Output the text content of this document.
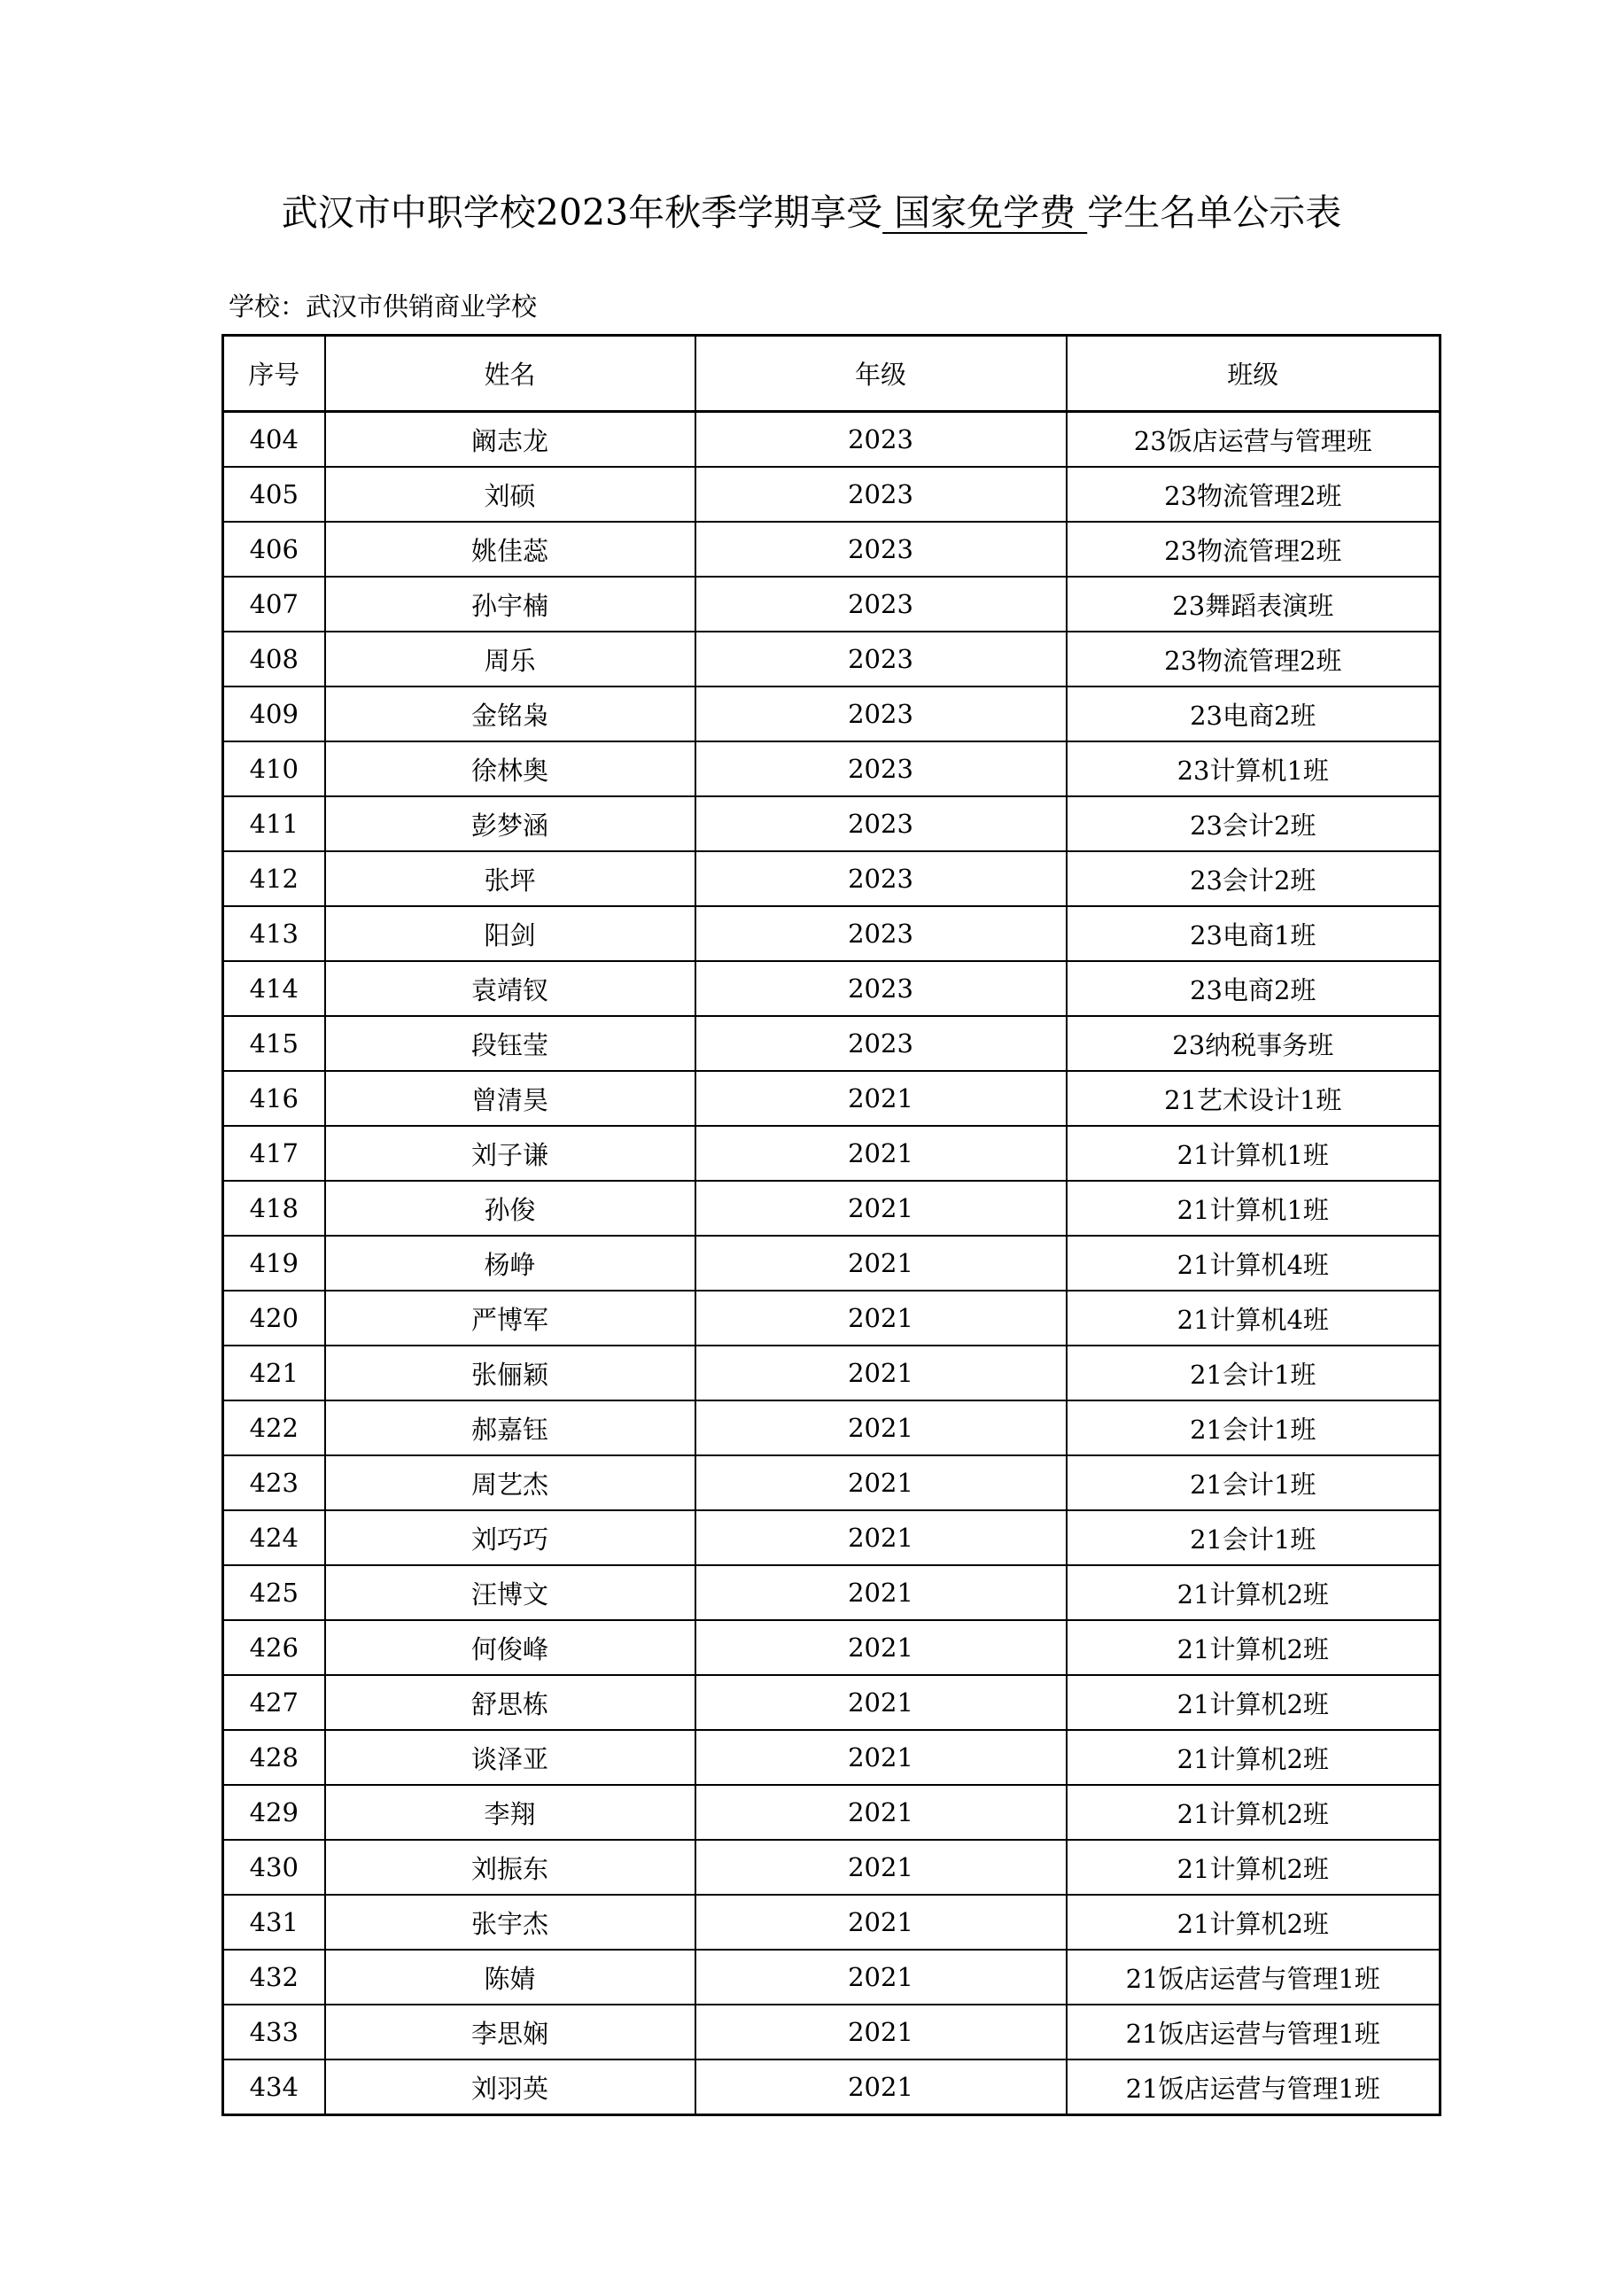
武汉市中职学校2023年秋季学期享受 国家免学费 学生名单公示表
学校：武汉市供销商业学校
序号	姓名	年级	班级
404	阚志龙	2023	23饭店运营与管理班
405	刘硕	2023	23物流管理2班
406	姚佳蕊	2023	23物流管理2班
407	孙宇楠	2023	23舞蹈表演班
408	周乐	2023	23物流管理2班
409	金铭枭	2023	23电商2班
410	徐林奥	2023	23计算机1班
411	彭梦涵	2023	23会计2班
412	张坪	2023	23会计2班
413	阳剑	2023	23电商1班
414	袁靖钗	2023	23电商2班
415	段钰莹	2023	23纳税事务班
416	曾清昊	2021	21艺术设计1班
417	刘子谦	2021	21计算机1班
418	孙俊	2021	21计算机1班
419	杨峥	2021	21计算机4班
420	严博军	2021	21计算机4班
421	张俪颖	2021	21会计1班
422	郝嘉钰	2021	21会计1班
423	周艺杰	2021	21会计1班
424	刘巧巧	2021	21会计1班
425	汪博文	2021	21计算机2班
426	何俊峰	2021	21计算机2班
427	舒思栋	2021	21计算机2班
428	谈泽亚	2021	21计算机2班
429	李翔	2021	21计算机2班
430	刘振东	2021	21计算机2班
431	张宇杰	2021	21计算机2班
432	陈婧	2021	21饭店运营与管理1班
433	李思娴	2021	21饭店运营与管理1班
434	刘羽英	2021	21饭店运营与管理1班
